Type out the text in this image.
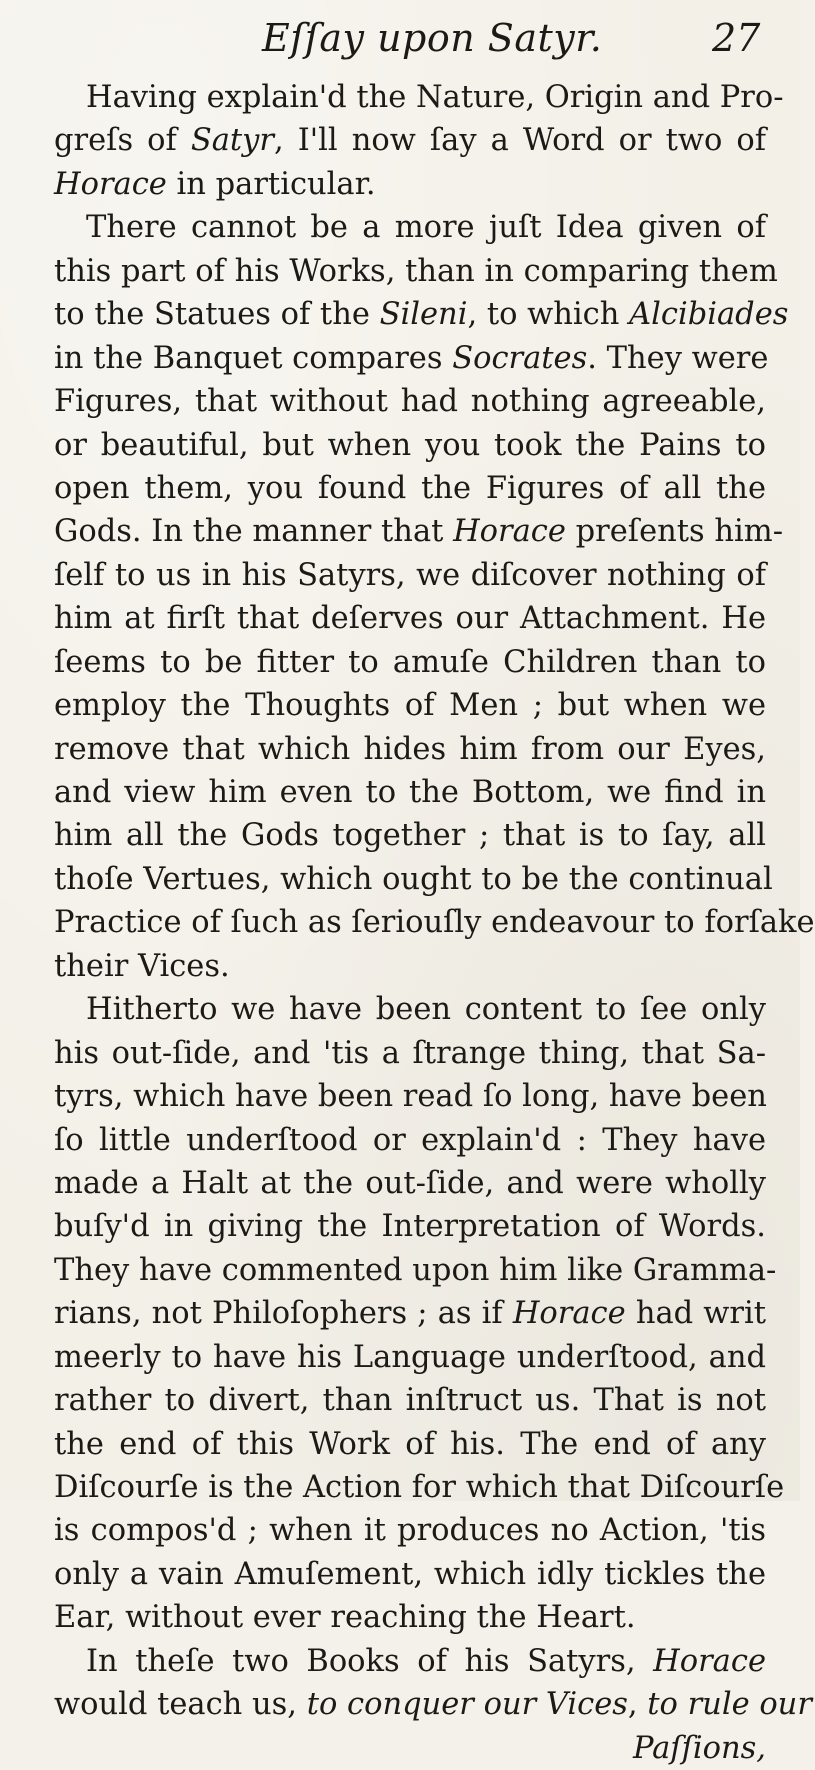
Eſſay upon Satyr.	27
Having explain'd the Nature, Origin and Pro-
greſs of Satyr, I'll now ſay a Word or two of
Horace in particular.
There cannot be a more juſt Idea given of
this part of his Works, than in comparing them
to the Statues of the Sileni, to which Alcibiades
in the Banquet compares Socrates. They were
Figures, that without had nothing agreeable,
or beautiful, but when you took the Pains to
open them, you found the Figures of all the
Gods. In the manner that Horace preſents him-
ſelf to us in his Satyrs, we diſcover nothing of
him at firſt that deſerves our Attachment. He
ſeems to be fitter to amuſe Children than to
employ the Thoughts of Men ; but when we
remove that which hides him from our Eyes,
and view him even to the Bottom, we find in
him all the Gods together ; that is to ſay, all
thoſe Vertues, which ought to be the continual
Practice of ſuch as ſeriouſly endeavour to forſake
their Vices.
Hitherto we have been content to ſee only
his out-ſide, and 'tis a ſtrange thing, that Sa-
tyrs, which have been read ſo long, have been
ſo little underſtood or explain'd : They have
made a Halt at the out-ſide, and were wholly
buſy'd in giving the Interpretation of Words.
They have commented upon him like Gramma-
rians, not Philoſophers ; as if Horace had writ
meerly to have his Language underſtood, and
rather to divert, than inſtruct us. That is not
the end of this Work of his. The end of any
Diſcourſe is the Action for which that Diſcourſe
is compos'd ; when it produces no Action, 'tis
only a vain Amuſement, which idly tickles the
Ear, without ever reaching the Heart.
In theſe two Books of his Satyrs, Horace
would teach us, to conquer our Vices, to rule our
Paſſions,
